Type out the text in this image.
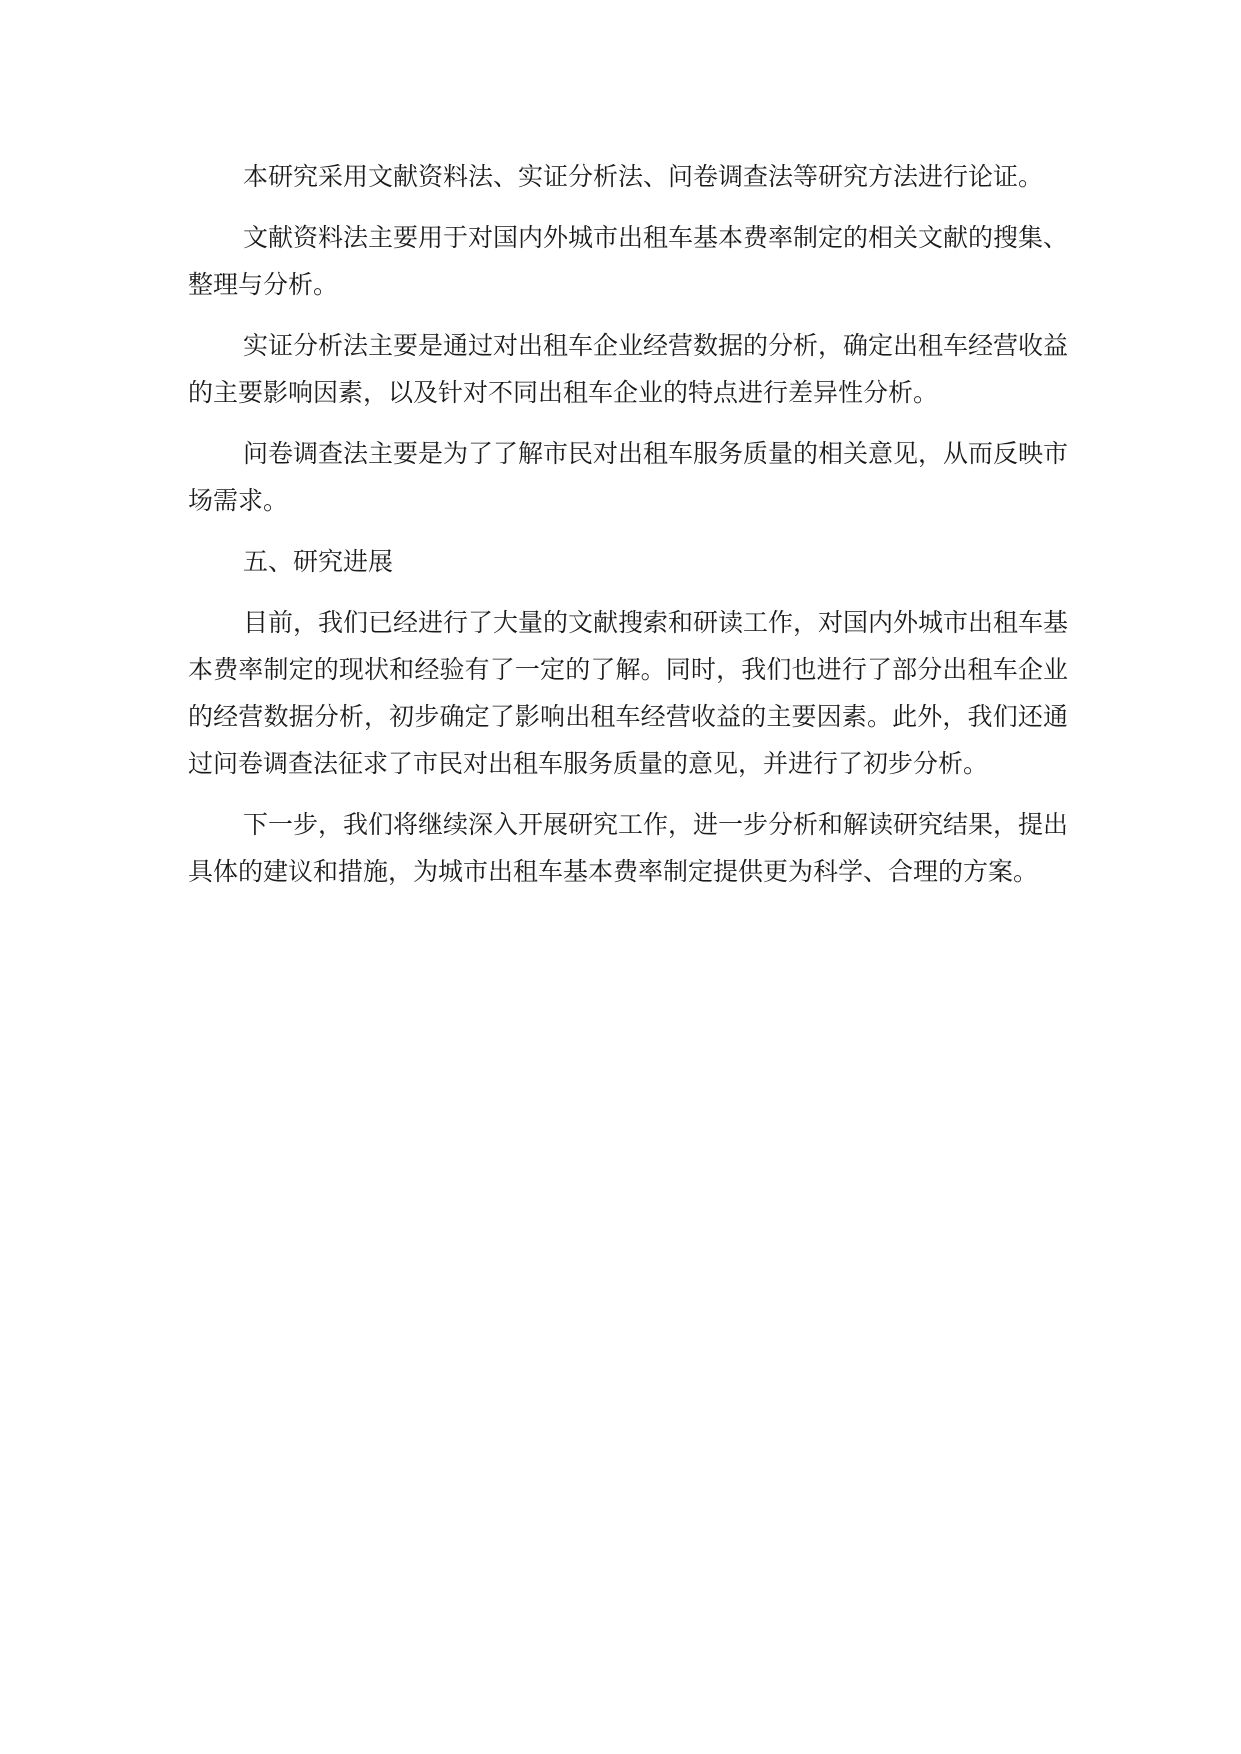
本研究采用文献资料法、实证分析法、问卷调查法等研究方法进行论证。

文献资料法主要用于对国内外城市出租车基本费率制定的相关文献的搜集、整理与分析。

实证分析法主要是通过对出租车企业经营数据的分析，确定出租车经营收益的主要影响因素，以及针对不同出租车企业的特点进行差异性分析。

问卷调查法主要是为了了解市民对出租车服务质量的相关意见，从而反映市场需求。

五、研究进展

目前，我们已经进行了大量的文献搜索和研读工作，对国内外城市出租车基本费率制定的现状和经验有了一定的了解。同时，我们也进行了部分出租车企业的经营数据分析，初步确定了影响出租车经营收益的主要因素。此外，我们还通过问卷调查法征求了市民对出租车服务质量的意见，并进行了初步分析。

下一步，我们将继续深入开展研究工作，进一步分析和解读研究结果，提出具体的建议和措施，为城市出租车基本费率制定提供更为科学、合理的方案。
